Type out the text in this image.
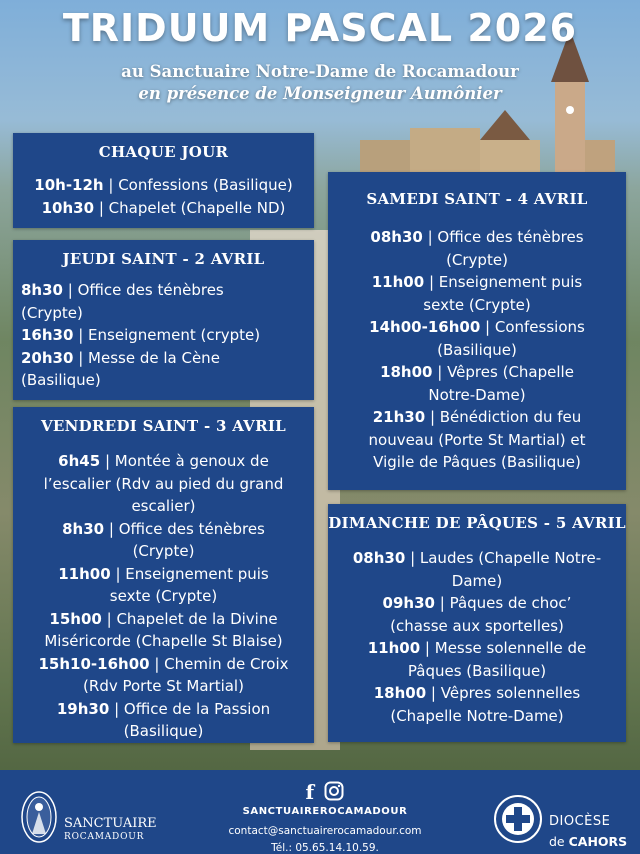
TRIDUUM PASCAL 2026
au Sanctuaire Notre-Dame de Rocamadour
en présence de Monseigneur Aumônier
CHAQUE JOUR
10h-12h | Confessions (Basilique)
10h30 | Chapelet (Chapelle ND)
JEUDI SAINT - 2 AVRIL
8h30 | Office des ténèbres
(Crypte)
16h30 | Enseignement (crypte)
20h30 | Messe de la Cène
(Basilique)
VENDREDI SAINT - 3 AVRIL
6h45 | Montée à genoux de
l’escalier (Rdv au pied du grand
escalier)
8h30 | Office des ténèbres
(Crypte)
11h00 | Enseignement puis
sexte (Crypte)
15h00 | Chapelet de la Divine
Miséricorde (Chapelle St Blaise)
15h10-16h00 | Chemin de Croix
(Rdv Porte St Martial)
19h30 | Office de la Passion
(Basilique)
SAMEDI SAINT - 4 AVRIL
08h30 | Office des ténèbres
(Crypte)
11h00 | Enseignement puis
sexte (Crypte)
14h00-16h00 | Confessions
(Basilique)
18h00 | Vêpres (Chapelle
Notre-Dame)
21h30 | Bénédiction du feu
nouveau (Porte St Martial) et
Vigile de Pâques (Basilique)
DIMANCHE DE PÂQUES - 5 AVRIL
08h30 | Laudes (Chapelle Notre-
Dame)
09h30 | Pâques de choc’
(chasse aux sportelles)
11h00 | Messe solennelle de
Pâques (Basilique)
18h00 | Vêpres solennelles
(Chapelle Notre-Dame)
SANCTUAIRE
ROCAMADOUR
f
SANCTUAIREROCAMADOUR
contact@sanctuairerocamadour.com
Tél.: 05.65.14.10.59.
DIOCÈSE
de CAHORS
